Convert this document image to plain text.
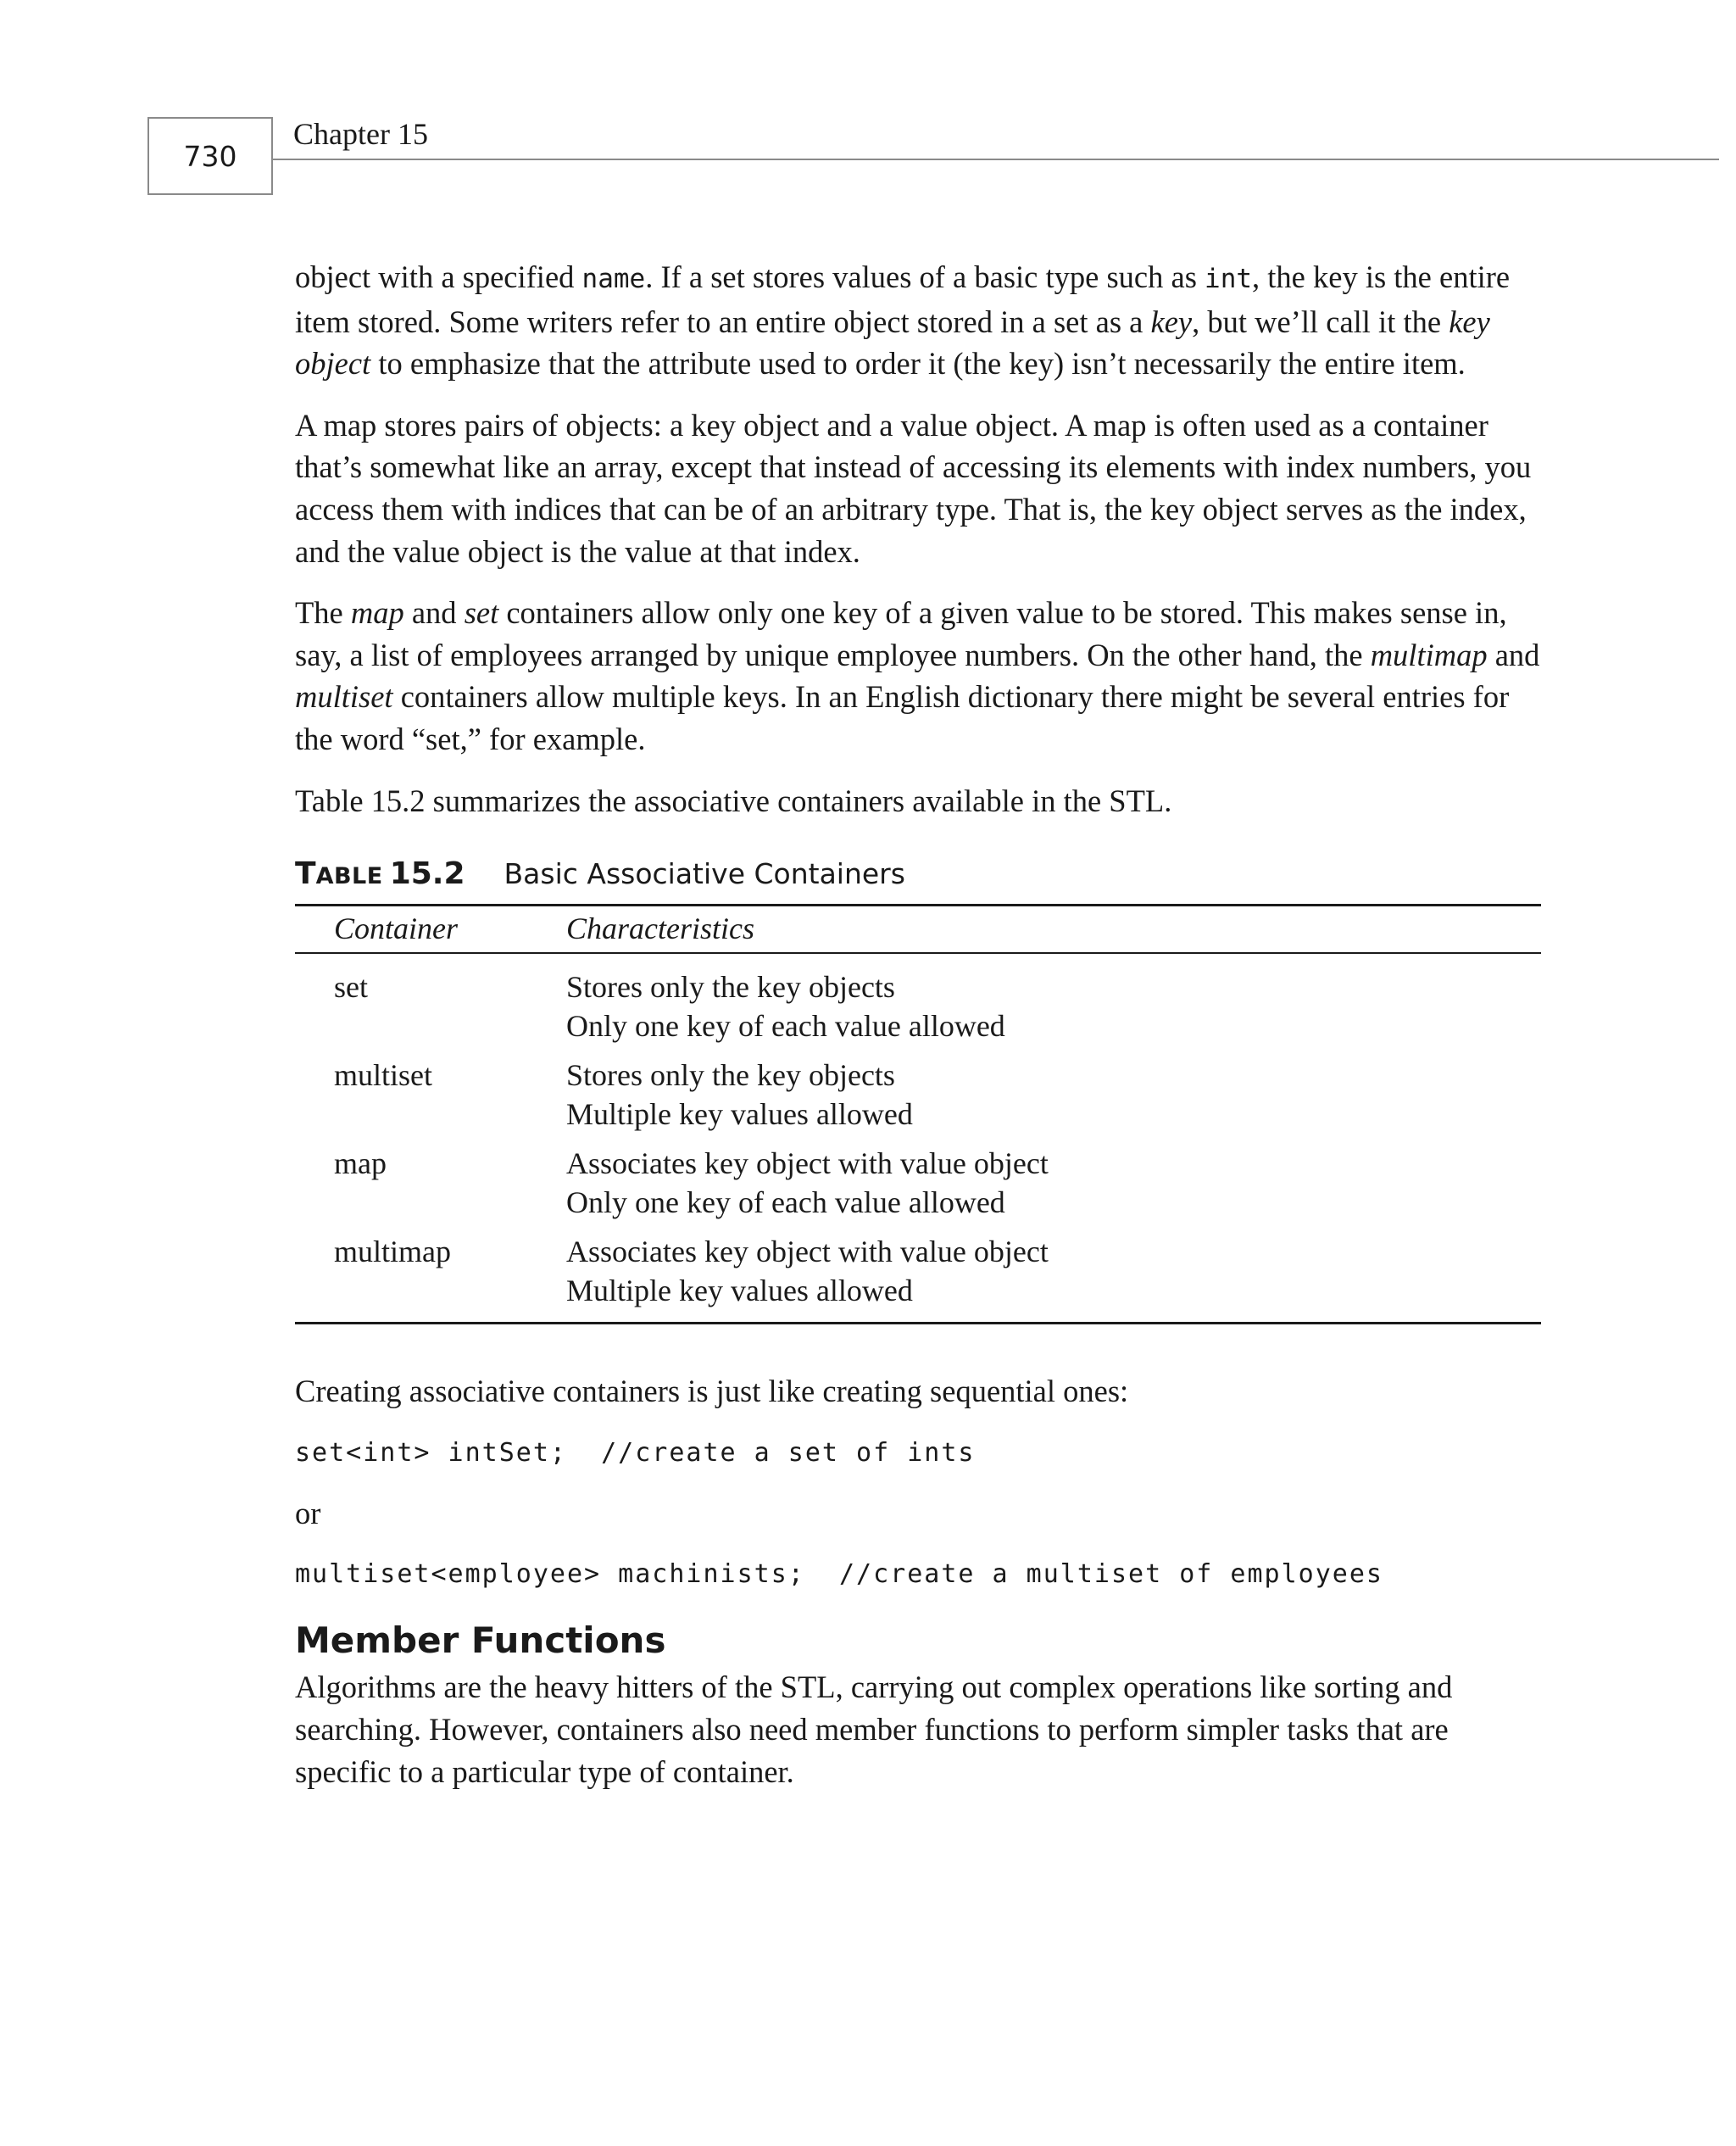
730
Chapter 15

object with a specified name. If a set stores values of a basic type such as int, the key is the entire item stored. Some writers refer to an entire object stored in a set as a key, but we’ll call it the key object to emphasize that the attribute used to order it (the key) isn’t necessarily the entire item.

A map stores pairs of objects: a key object and a value object. A map is often used as a container that’s somewhat like an array, except that instead of accessing its elements with index numbers, you access them with indices that can be of an arbitrary type. That is, the key object serves as the index, and the value object is the value at that index.

The map and set containers allow only one key of a given value to be stored. This makes sense in, say, a list of employees arranged by unique employee numbers. On the other hand, the multimap and multiset containers allow multiple keys. In an English dictionary there might be several entries for the word “set,” for example.

Table 15.2 summarizes the associative containers available in the STL.

TABLE 15.2 Basic Associative Containers
Container	Characteristics
set	Stores only the key objects
Only one key of each value allowed

multiset	Stores only the key objects
Multiple key values allowed

map	Associates key object with value object
Only one key of each value allowed

multimap	Associates key object with value object
Multiple key values allowed

Creating associative containers is just like creating sequential ones:

set<int> intSet;  //create a set of ints

or

multiset<employee> machinists;  //create a multiset of employees
Member Functions

Algorithms are the heavy hitters of the STL, carrying out complex operations like sorting and searching. However, containers also need member functions to perform simpler tasks that are specific to a particular type of container.
